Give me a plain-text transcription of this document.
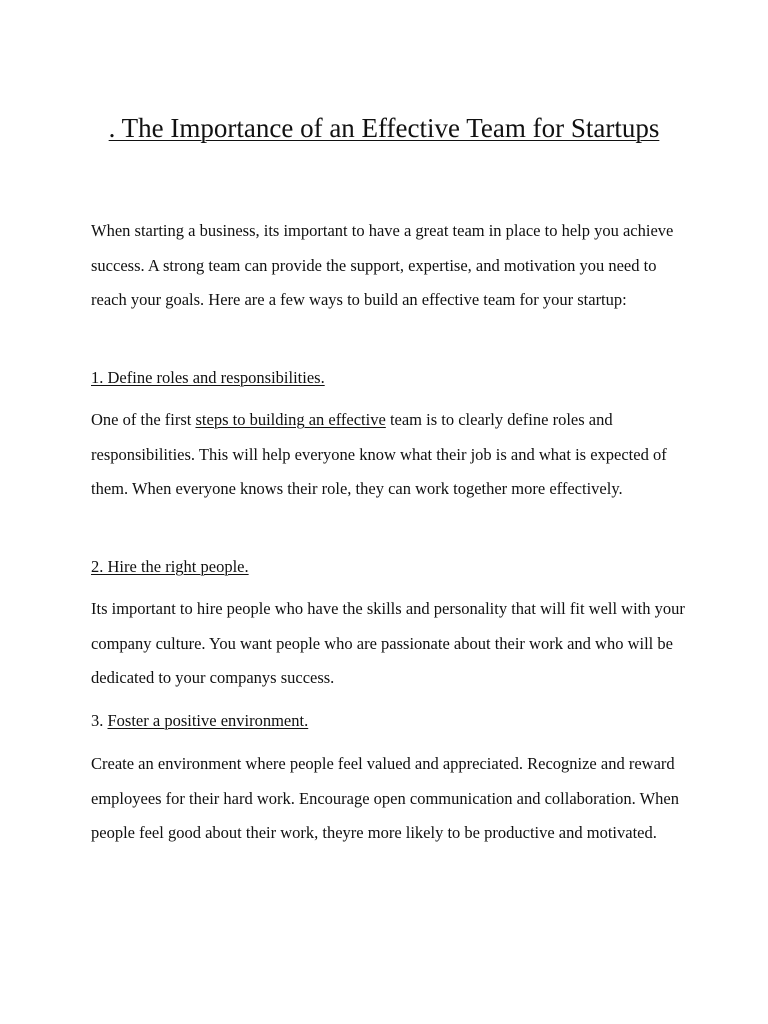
. The Importance of an Effective Team for Startups

When starting a business, its important to have a great team in place to help you achieve success. A strong team can provide the support, expertise, and motivation you need to reach your goals. Here are a few ways to build an effective team for your startup:

1. Define roles and responsibilities.

One of the first steps to building an effective team is to clearly define roles and responsibilities. This will help everyone know what their job is and what is expected of them. When everyone knows their role, they can work together more effectively.

2. Hire the right people.

Its important to hire people who have the skills and personality that will fit well with your company culture. You want people who are passionate about their work and who will be dedicated to your companys success.

3. Foster a positive environment.

Create an environment where people feel valued and appreciated. Recognize and reward employees for their hard work. Encourage open communication and collaboration. When people feel good about their work, theyre more likely to be productive and motivated.
